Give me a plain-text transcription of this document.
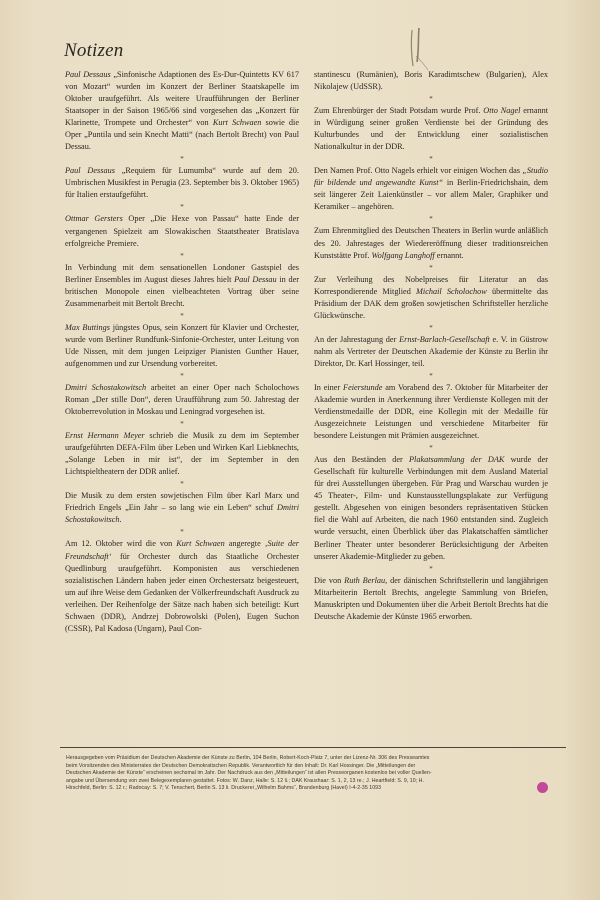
Notizen

Paul Dessaus „Sinfonische Adaptionen des Es-Dur-Quintetts KV 617 von Mozart“ wurden im Konzert der Berliner Staatskapelle im Oktober uraufgeführt. Als weitere Uraufführungen der Berliner Staatsoper in der Saison 1965/66 sind vorgesehen das „Konzert für Klarinette, Trompete und Orchester“ von Kurt Schwaen sowie die Oper „Puntila und sein Knecht Matti“ (nach Bertolt Brecht) von Paul Dessau.

*

Paul Dessaus „Requiem für Lumumba“ wurde auf dem 20. Umbrischen Musikfest in Perugia (23. September bis 3. Oktober 1965) für Italien erstaufgeführt.

*

Ottmar Gersters Oper „Die Hexe von Passau“ hatte Ende der vergangenen Spielzeit am Slowakischen Staatstheater Bratislava erfolgreiche Premiere.

*

In Verbindung mit dem sensationellen Londoner Gastspiel des Berliner Ensembles im August dieses Jahres hielt Paul Dessau in der britischen Monopole einen vielbeachteten Vortrag über seine Zusammenarbeit mit Bertolt Brecht.

*

Max Buttings jüngstes Opus, sein Konzert für Klavier und Orchester, wurde vom Berliner Rundfunk-Sinfonie-Orchester, unter Leitung von Ude Nissen, mit dem jungen Leipziger Pianisten Gunther Hauer, aufgenommen und zur Ursendung vorbereitet.

*

Dmitri Schostakowitsch arbeitet an einer Oper nach Scholochows Roman „Der stille Don“, deren Uraufführung zum 50. Jahrestag der Oktoberrevolution in Moskau und Leningrad vorgesehen ist.

*

Ernst Hermann Meyer schrieb die Musik zu dem im September uraufgeführten DEFA-Film über Leben und Wirken Karl Liebknechts, „Solange Leben in mir ist“, der im September in den Lichtspieltheatern der DDR anlief.

*

Die Musik zu dem ersten sowjetischen Film über Karl Marx und Friedrich Engels „Ein Jahr – so lang wie ein Leben“ schuf Dmitri Schostakowitsch.

*

Am 12. Oktober wird die von Kurt Schwaen angeregte ‚Suite der Freundschaft‘ für Orchester durch das Staatliche Orchester Quedlinburg uraufgeführt. Komponisten aus verschiedenen sozialistischen Ländern haben jeder einen Orchestersatz beigesteuert, um auf ihre Weise dem Gedanken der Völkerfreundschaft Ausdruck zu verleihen. Der Reihenfolge der Sätze nach haben sich beteiligt: Kurt Schwaen (DDR), Andrzej Dobrowolski (Polen), Eugen Suchon (CSSR), Pal Kadosa (Ungarn), Paul Con-

stantinescu (Rumänien), Boris Karadimtschew (Bulgarien), Alex Nikolajew (UdSSR).

*

Zum Ehrenbürger der Stadt Potsdam wurde Prof. Otto Nagel ernannt in Würdigung seiner großen Verdienste bei der Gründung des Kulturbundes und der Entwicklung einer sozialistischen Nationalkultur in der DDR.

*

Den Namen Prof. Otto Nagels erhielt vor einigen Wochen das „Studio für bildende und angewandte Kunst“ in Berlin-Friedrichshain, dem seit längerer Zeit Laienkünstler – vor allem Maler, Graphiker und Keramiker – angehören.

*

Zum Ehrenmitglied des Deutschen Theaters in Berlin wurde anläßlich des 20. Jahrestages der Wiedereröffnung dieser traditionsreichen Kunststätte Prof. Wolfgang Langhoff ernannt.

*

Zur Verleihung des Nobelpreises für Literatur an das Korrespondierende Mitglied Michail Scholochow übermittelte das Präsidium der DAK dem großen sowjetischen Schriftsteller herzliche Glückwünsche.

*

An der Jahrestagung der Ernst-Barlach-Gesellschaft e. V. in Güstrow nahm als Vertreter der Deutschen Akademie der Künste zu Berlin ihr Direktor, Dr. Karl Hossinger, teil.

*

In einer Feierstunde am Vorabend des 7. Oktober für Mitarbeiter der Akademie wurden in Anerkennung ihrer Verdienste Kollegen mit der Verdienstmedaille der DDR, eine Kollegin mit der Medaille für Ausgezeichnete Leistungen und verschiedene Mitarbeiter für besondere Leistungen mit Prämien ausgezeichnet.

*

Aus den Beständen der Plakatsammlung der DAK wurde der Gesellschaft für kulturelle Verbindungen mit dem Ausland Material für drei Ausstellungen übergeben. Für Prag und Warschau wurden je 45 Theater-, Film- und Kunstausstellungsplakate zur Verfügung gestellt. Abgesehen von einigen besonders repräsentativen Stücken fiel die Wahl auf Arbeiten, die nach 1960 entstanden sind. Zugleich wurde versucht, einen Überblick über das Plakatschaffen sämtlicher Berliner Theater unter besonderer Berücksichtigung der Arbeiten unserer Akademie-Mitglieder zu geben.

*

Die von Ruth Berlau, der dänischen Schriftstellerin und langjährigen Mitarbeiterin Bertolt Brechts, angelegte Sammlung von Briefen, Manuskripten und Dokumenten über die Arbeit Bertolt Brechts hat die Deutsche Akademie der Künste 1965 erworben.

Herausgegeben vom Präsidium der Deutschen Akademie der Künste zu Berlin, 104 Berlin, Robert-Koch-Platz 7, unter der Lizenz-Nr. 306 des Presseamtes
beim Vorsitzenden des Ministerrates der Deutschen Demokratischen Republik. Verantwortlich für den Inhalt: Dr. Karl Hossinger. Die „Mitteilungen der
Deutschen Akademie der Künste“ erscheinen sechsmal im Jahr. Der Nachdruck aus den „Mitteilungen“ ist allen Presseorganen kostenlos bei voller Quellen-
angabe und Übersendung von zwei Belegexemplaren gestattet. Fotos: W. Danz, Halle: S. 12 li.; DAK Kraushaar: S. 1, 2, 13 re.; J. Heartfield: S. 9, 10; H.
Hirschfeld, Berlin: S. 12 r.; Radocay: S. 7; V. Tenschert, Berlin S. 13 li. Druckerei „Wilhelm Bahms“, Brandenburg (Havel) I-4-2-35 1093
